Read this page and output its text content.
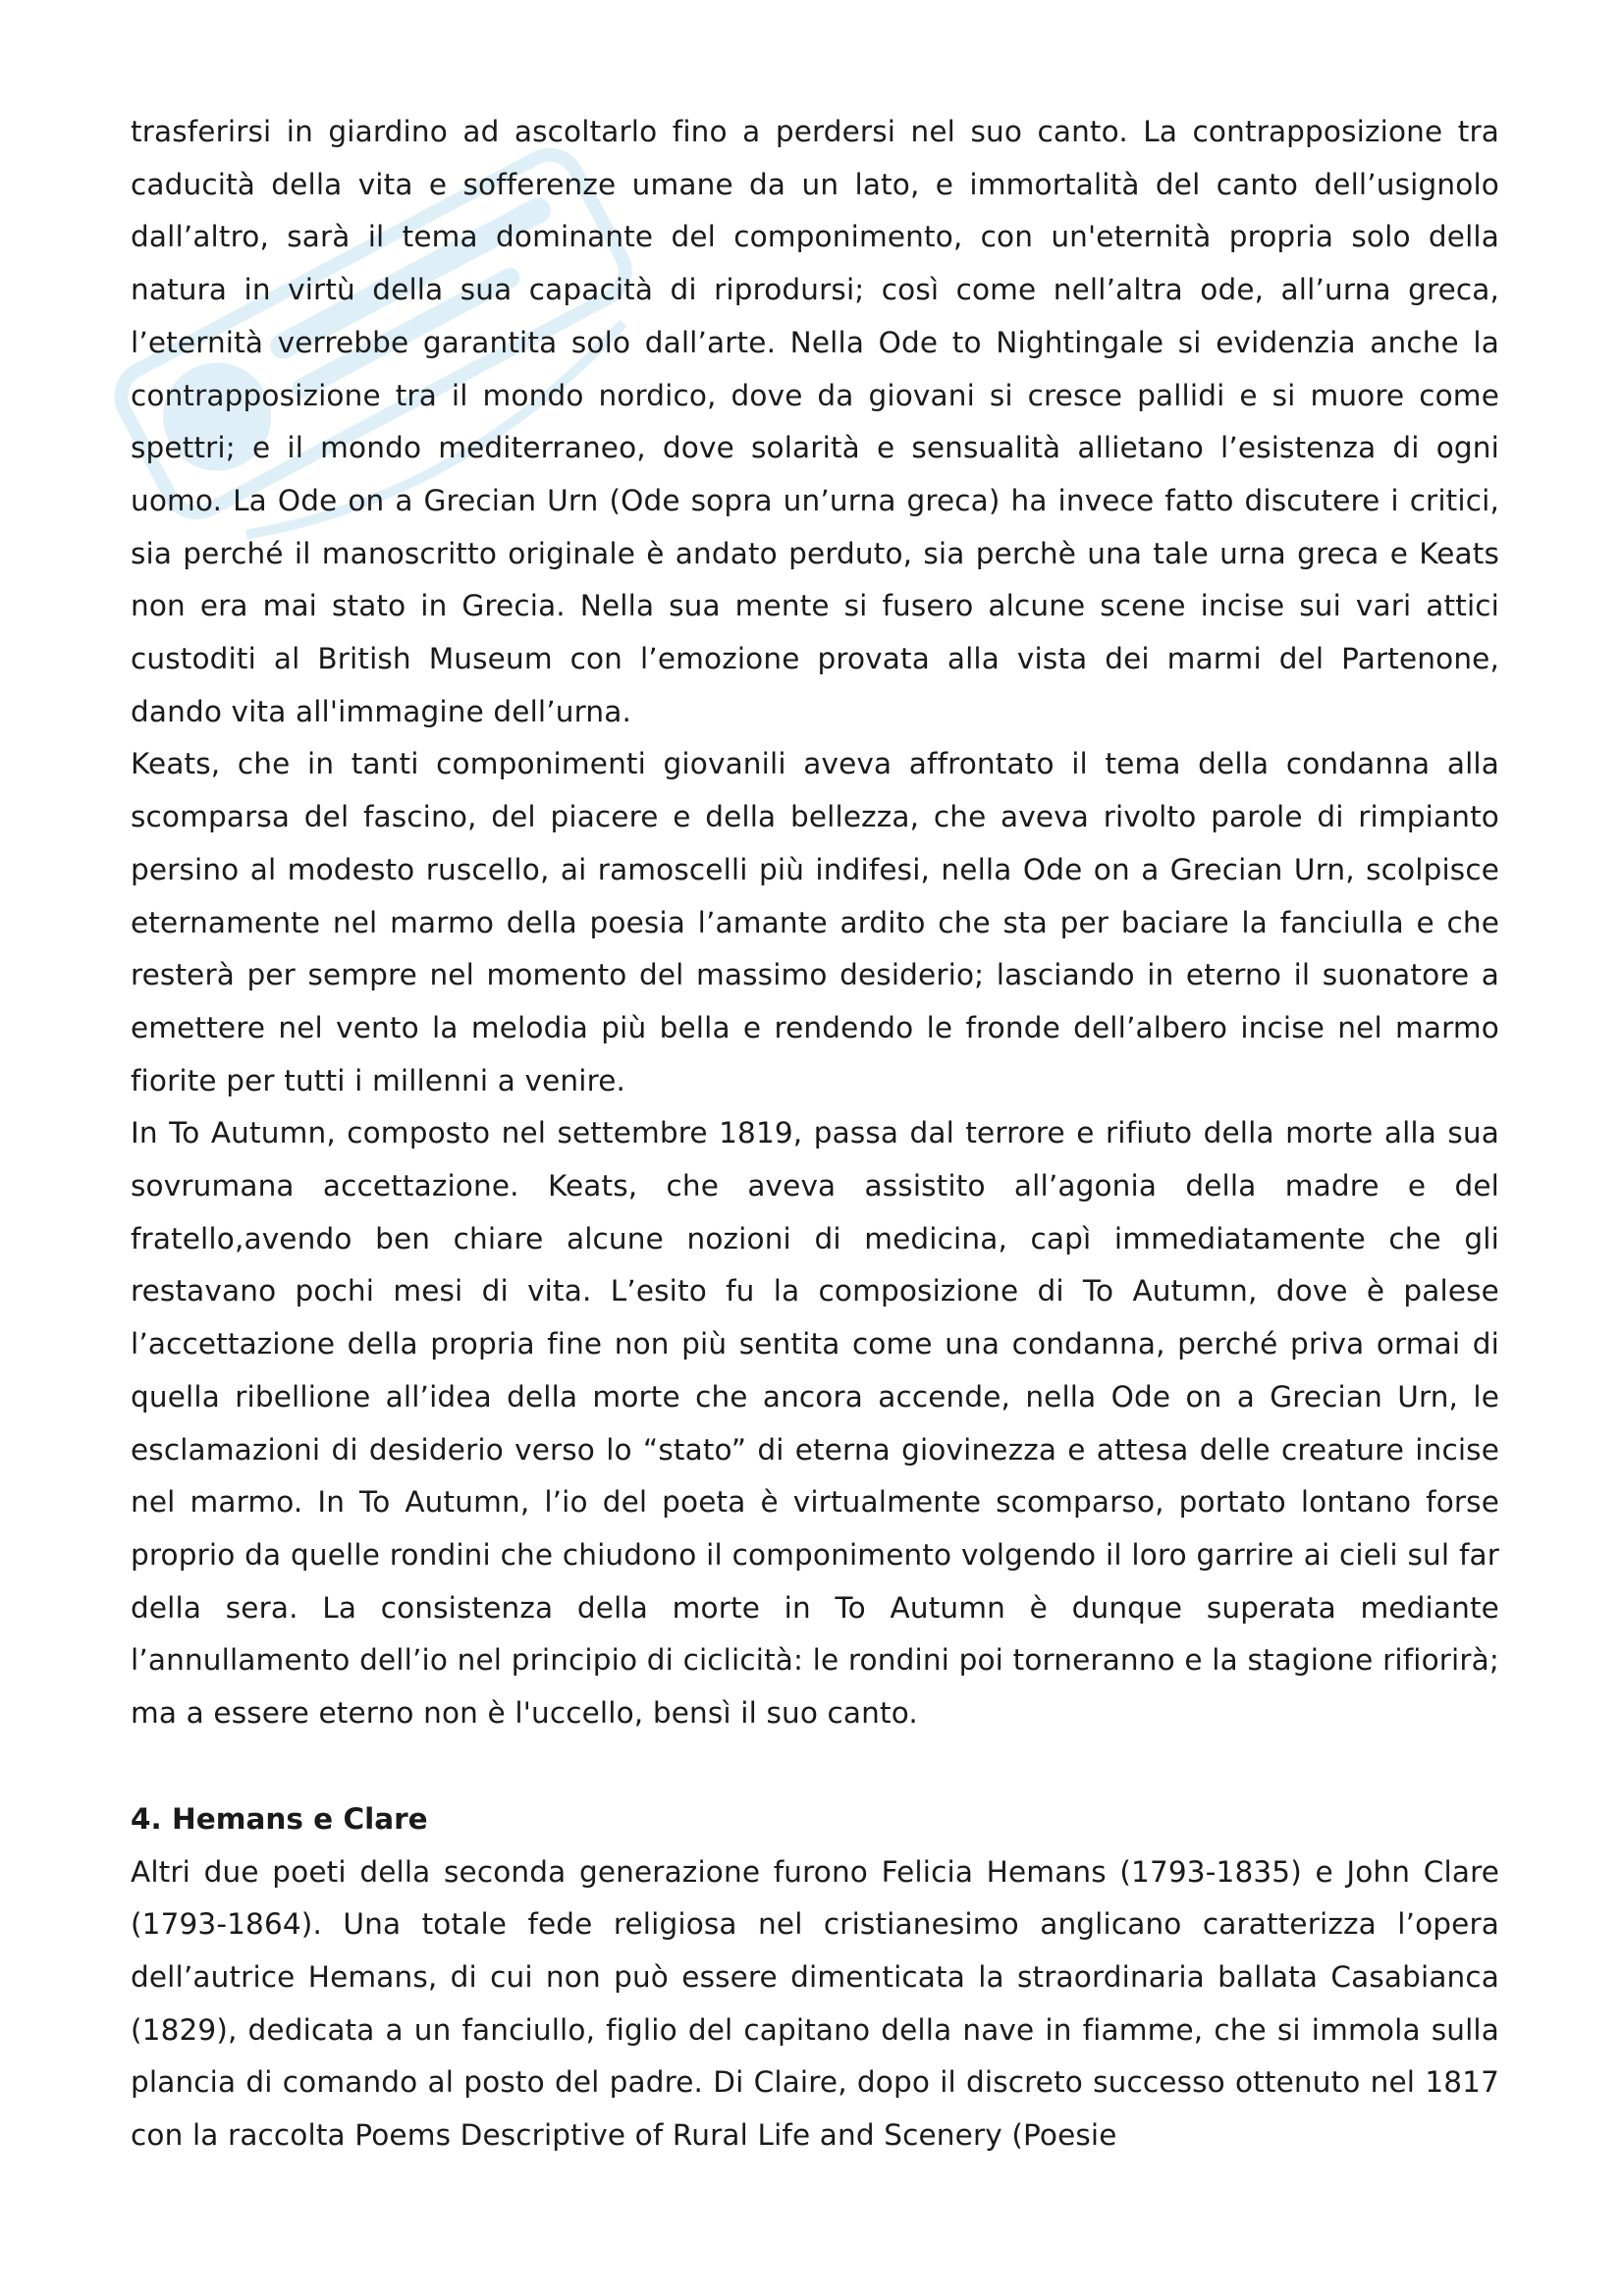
trasferirsi in giardino ad ascoltarlo fino a perdersi nel suo canto. La contrapposizione tra caducità della vita e sofferenze umane da un lato, e immortalità del canto dell’usignolo dall’altro, sarà il tema dominante del componimento, con un'eternità propria solo della natura in virtù della sua capacità di riprodursi; così come nell’altra ode, all’urna greca, l’eternità verrebbe garantita solo dall’arte. Nella Ode to Nightingale si evidenzia anche la contrapposizione tra il mondo nordico, dove da giovani si cresce pallidi e si muore come spettri; e il mondo mediterraneo, dove solarità e sensualità allietano l’esistenza di ogni uomo. La Ode on a Grecian Urn (Ode sopra un’urna greca) ha invece fatto discutere i critici, sia perché il manoscritto originale è andato perduto, sia perchè una tale urna greca e Keats non era mai stato in Grecia. Nella sua mente si fusero alcune scene incise sui vari attici custoditi al British Museum con l’emozione provata alla vista dei marmi del Partenone, dando vita all'immagine dell’urna.

Keats, che in tanti componimenti giovanili aveva affrontato il tema della condanna alla scomparsa del fascino, del piacere e della bellezza, che aveva rivolto parole di rimpianto persino al modesto ruscello, ai ramoscelli più indifesi, nella Ode on a Grecian Urn, scolpisce eternamente nel marmo della poesia l’amante ardito che sta per baciare la fanciulla e che resterà per sempre nel momento del massimo desiderio; lasciando in eterno il suonatore a emettere nel vento la melodia più bella e rendendo le fronde dell’albero incise nel marmo fiorite per tutti i millenni a venire.

In To Autumn, composto nel settembre 1819, passa dal terrore e rifiuto della morte alla sua sovrumana accettazione. Keats, che aveva assistito all’agonia della madre e del fratello,avendo ben chiare alcune nozioni di medicina, capì immediatamente che gli restavano pochi mesi di vita. L’esito fu la composizione di To Autumn, dove è palese l’accettazione della propria fine non più sentita come una condanna, perché priva ormai di quella ribellione all’idea della morte che ancora accende, nella Ode on a Grecian Urn, le esclamazioni di desiderio verso lo “stato” di eterna giovinezza e attesa delle creature incise nel marmo. In To Autumn, l’io del poeta è virtualmente scomparso, portato lontano forse proprio da quelle rondini che chiudono il componimento volgendo il loro garrire ai cieli sul far della sera. La consistenza della morte in To Autumn è dunque superata mediante l’annullamento dell’io nel principio di ciclicità: le rondini poi torneranno e la stagione rifiorirà; ma a essere eterno non è l'uccello, bensì il suo canto.

4. Hemans e Clare

Altri due poeti della seconda generazione furono Felicia Hemans (1793-1835) e John Clare (1793-1864). Una totale fede religiosa nel cristianesimo anglicano caratterizza l’opera dell’autrice Hemans, di cui non può essere dimenticata la straordinaria ballata Casabianca (1829), dedicata a un fanciullo, figlio del capitano della nave in fiamme, che si immola sulla plancia di comando al posto del padre. Di Claire, dopo il discreto successo ottenuto nel 1817 con la raccolta Poems Descriptive of Rural Life and Scenery (Poesie
